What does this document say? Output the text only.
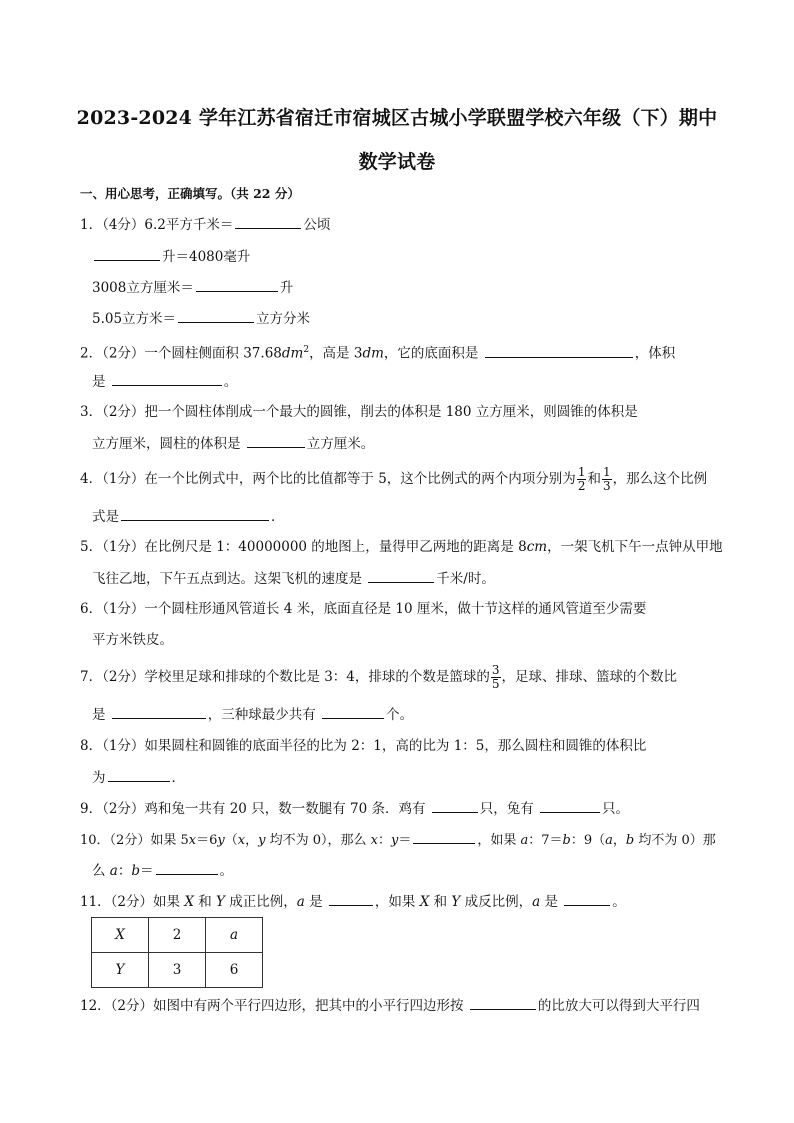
2023-2024 学年江苏省宿迁市宿城区古城小学联盟学校六年级（下）期中
数学试卷
一、用心思考，正确填写。（共 22 分）
1．（4分）6.2平方千米＝	公顷
升＝4080毫升
3008立方厘米＝	升
5.05立方米＝	立方分米
2．（2分）一个圆柱侧面积 $37.68dm^2$，高是 3dm，它的底面积是	，体积
是	。
3．（2分）把一个圆柱体削成一个最大的圆锥，削去的体积是 180 立方厘米，则圆锥的体积是
立方厘米，圆柱的体积是	立方厘米。
4．（1分）在一个比例式中，两个比的比值都等于 5，这个比例式的两个内项分别为 $\frac{1}{2}$ 和 $\frac{1}{3}$ ，那么这个比例
式是	．
5．（1分）在比例尺是 1：40000000 的地图上，量得甲乙两地的距离是 8cm，一架飞机下午一点钟从甲地
飞往乙地，下午五点到达。这架飞机的速度是	千米/时。
6．（1分）一个圆柱形通风管道长 4 米，底面直径是 10 厘米，做十节这样的通风管道至少需要
平方米铁皮。
7．（2分）学校里足球和排球的个数比是 3：4，排球的个数是篮球的 $\frac{3}{5}$ ，足球、排球、篮球的个数比
是	，三种球最少共有	个。
8．（1分）如果圆柱和圆锥的底面半径的比为 2：1，高的比为 1：5，那么圆柱和圆锥的体积比
为	．
9．（2分）鸡和兔一共有 20 只，数一数腿有 70 条．鸡有	只，兔有	只。
10．（2分）如果 5x＝6y（x，y 均不为 0），那么 x：y＝	，如果 a：7＝b：9（a，b 均不为 0）那
么 a：b＝	。
11．（2分）如果 X 和 Y 成正比例，a 是	，如果 X 和 Y 成反比例，a 是	。
X	2	a
Y	3	6
12．（2分）如图中有两个平行四边形，把其中的小平行四边形按	的比放大可以得到大平行四
